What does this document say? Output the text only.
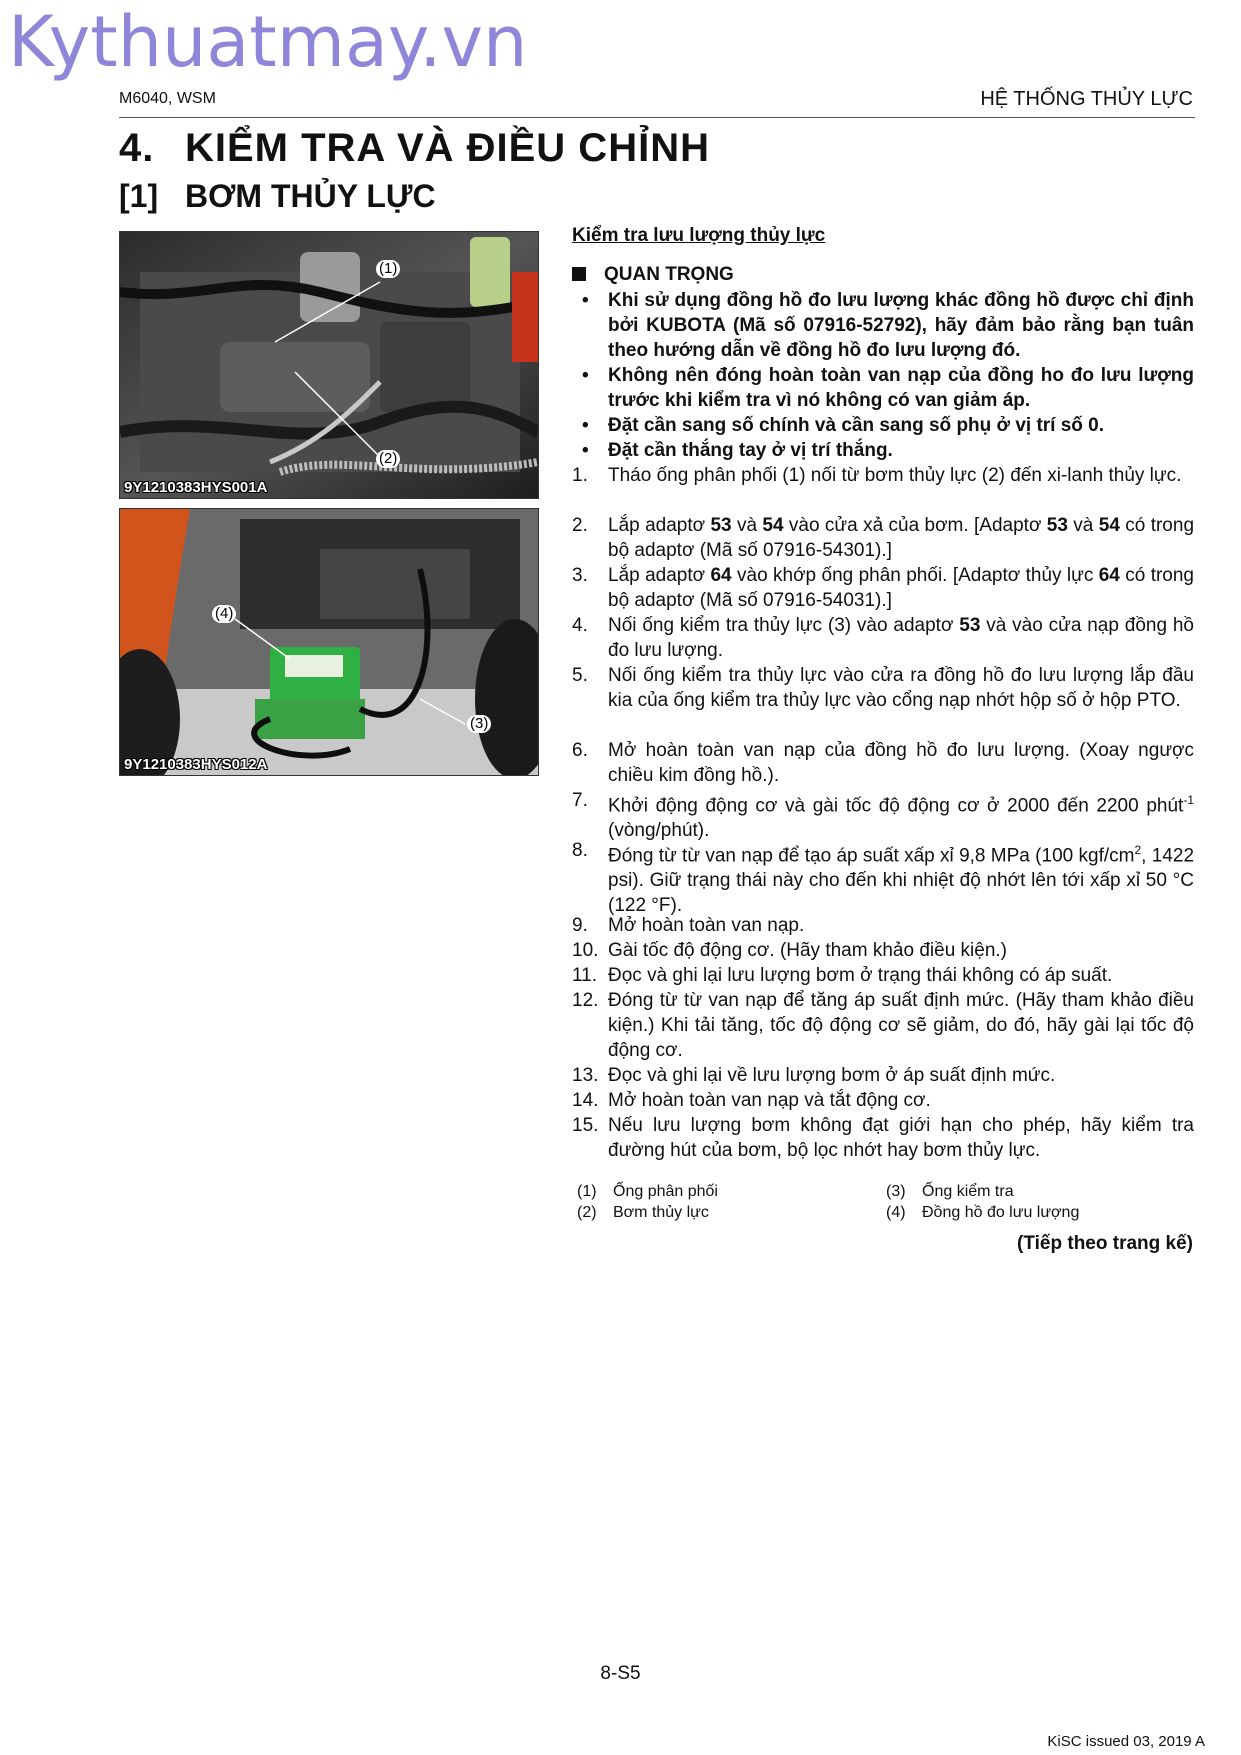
Kythuatmay.vn
M6040, WSM	HỆ THỐNG THỦY LỰC
4. KIỂM TRA VÀ ĐIỀU CHỈNH
[1] BƠM THỦY LỰC
(1)
(2)
9Y1210383HYS001A
(4)
(3)
9Y1210383HYS012A
Kiểm tra lưu lượng thủy lực
QUAN TRỌNG
• Khi sử dụng đồng hồ đo lưu lượng khác đồng hồ được chỉ định bởi KUBOTA (Mã số 07916-52792), hãy đảm bảo rằng bạn tuân theo hướng dẫn về đồng hồ đo lưu lượng đó.
• Không nên đóng hoàn toàn van nạp của đồng ho đo lưu lượng trước khi kiểm tra vì nó không có van giảm áp.
• Đặt cần sang số chính và cần sang số phụ ở vị trí số 0.
• Đặt cần thắng tay ở vị trí thắng.
1. Tháo ống phân phối (1) nối từ bơm thủy lực (2) đến xi-lanh thủy lực.
2. Lắp adaptơ 53 và 54 vào cửa xả của bơm. [Adaptơ 53 và 54 có trong bộ adaptơ (Mã số 07916-54301).]
3. Lắp adaptơ 64 vào khớp ống phân phối. [Adaptơ thủy lực 64 có trong bộ adaptơ (Mã số 07916-54031).]
4. Nối ống kiểm tra thủy lực (3) vào adaptơ 53 và vào cửa nạp đồng hồ đo lưu lượng.
5. Nối ống kiểm tra thủy lực vào cửa ra đồng hồ đo lưu lượng lắp đầu kia của ống kiểm tra thủy lực vào cổng nạp nhớt hộp số ở hộp PTO.
6. Mở hoàn toàn van nạp của đồng hồ đo lưu lượng. (Xoay ngược chiều kim đồng hồ.).
7. Khởi động động cơ và gài tốc độ động cơ ở 2000 đến 2200 phút$^{-1}$ (vòng/phút).
8. Đóng từ từ van nạp để tạo áp suất xấp xỉ 9,8 MPa (100 kgf/$cm^2$, 1422 psi). Giữ trạng thái này cho đến khi nhiệt độ nhớt lên tới xấp xỉ 50 °C (122 °F).
9. Mở hoàn toàn van nạp.
10. Gài tốc độ động cơ. (Hãy tham khảo điều kiện.)
11. Đọc và ghi lại lưu lượng bơm ở trạng thái không có áp suất.
12. Đóng từ từ van nạp để tăng áp suất định mức. (Hãy tham khảo điều kiện.) Khi tải tăng, tốc độ động cơ sẽ giảm, do đó, hãy gài lại tốc độ động cơ.
13. Đọc và ghi lại về lưu lượng bơm ở áp suất định mức.
14. Mở hoàn toàn van nạp và tắt động cơ.
15. Nếu lưu lượng bơm không đạt giới hạn cho phép, hãy kiểm tra đường hút của bơm, bộ lọc nhớt hay bơm thủy lực.
(1) Ống phân phối
(2) Bơm thủy lực
(3) Ống kiểm tra
(4) Đồng hồ đo lưu lượng
(Tiếp theo trang kế)
8-S5
KiSC issued 03, 2019 A
